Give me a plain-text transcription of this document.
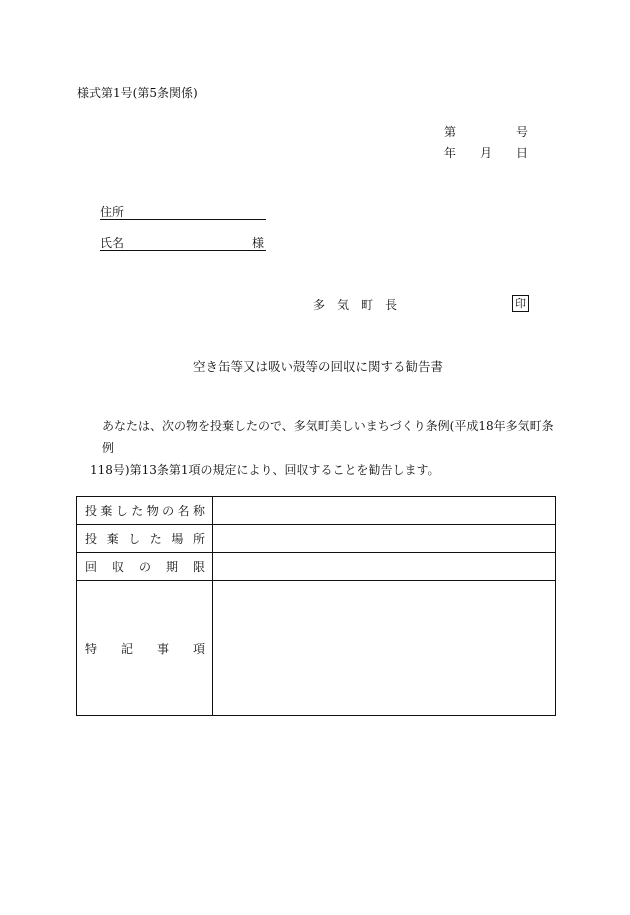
様式第1号(第5条関係)
第	号
年 月 日
住所
氏名	様
多気町長	印
空き缶等又は吸い殻等の回収に関する勧告書
あなたは、次の物を投棄したので、多気町美しいまちづくり条例(平成18年多気町条例
118号)第13条第1項の規定により、回収することを勧告します。
投棄した物の名称	
投棄した場所	
回収の期限	
特記事項	
